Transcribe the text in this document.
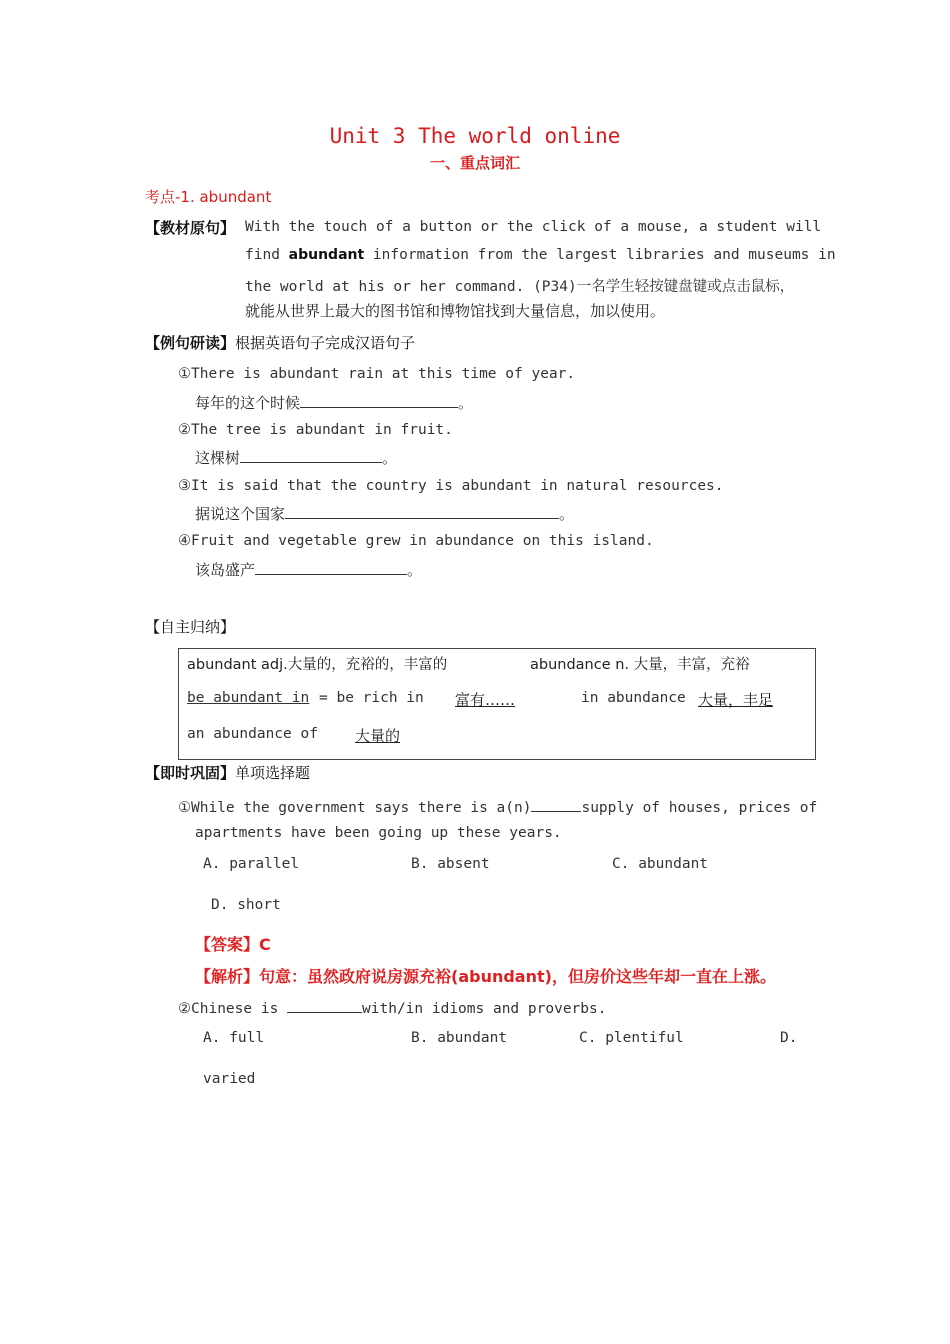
Unit 3 The world online
一、重点词汇
考点-1. abundant
【教材原句】 With the touch of a button or the click of a mouse, a student will
find abundant information from the largest libraries and museums in
the world at his or her command. (P34)一名学生轻按键盘键或点击鼠标，
就能从世界上最大的图书馆和博物馆找到大量信息，加以使用。
【例句研读】根据英语句子完成汉语句子
①There is abundant rain at this time of year.
每年的这个时候	。
②The tree is abundant in fruit.
这棵树	。
③It is said that the country is abundant in natural resources.
据说这个国家	。
④Fruit and vegetable grew in abundance on this island.
该岛盛产	。
【自主归纳】
abundant adj.大量的，充裕的，丰富的	abundance n. 大量，丰富，充裕
be abundant in = be rich in 富有……	in abundance 大量，丰足
an abundance of 大量的
【即时巩固】单项选择题
①While the government says there is a(n)	supply of houses, prices of
apartments have been going up these years.
A. parallel	B. absent	C. abundant
D. short
【答案】C
【解析】句意：虽然政府说房源充裕(abundant)，但房价这些年却一直在上涨。
②Chinese is	with/in idioms and proverbs.
A. full	B. abundant	C. plentiful	D.
varied
